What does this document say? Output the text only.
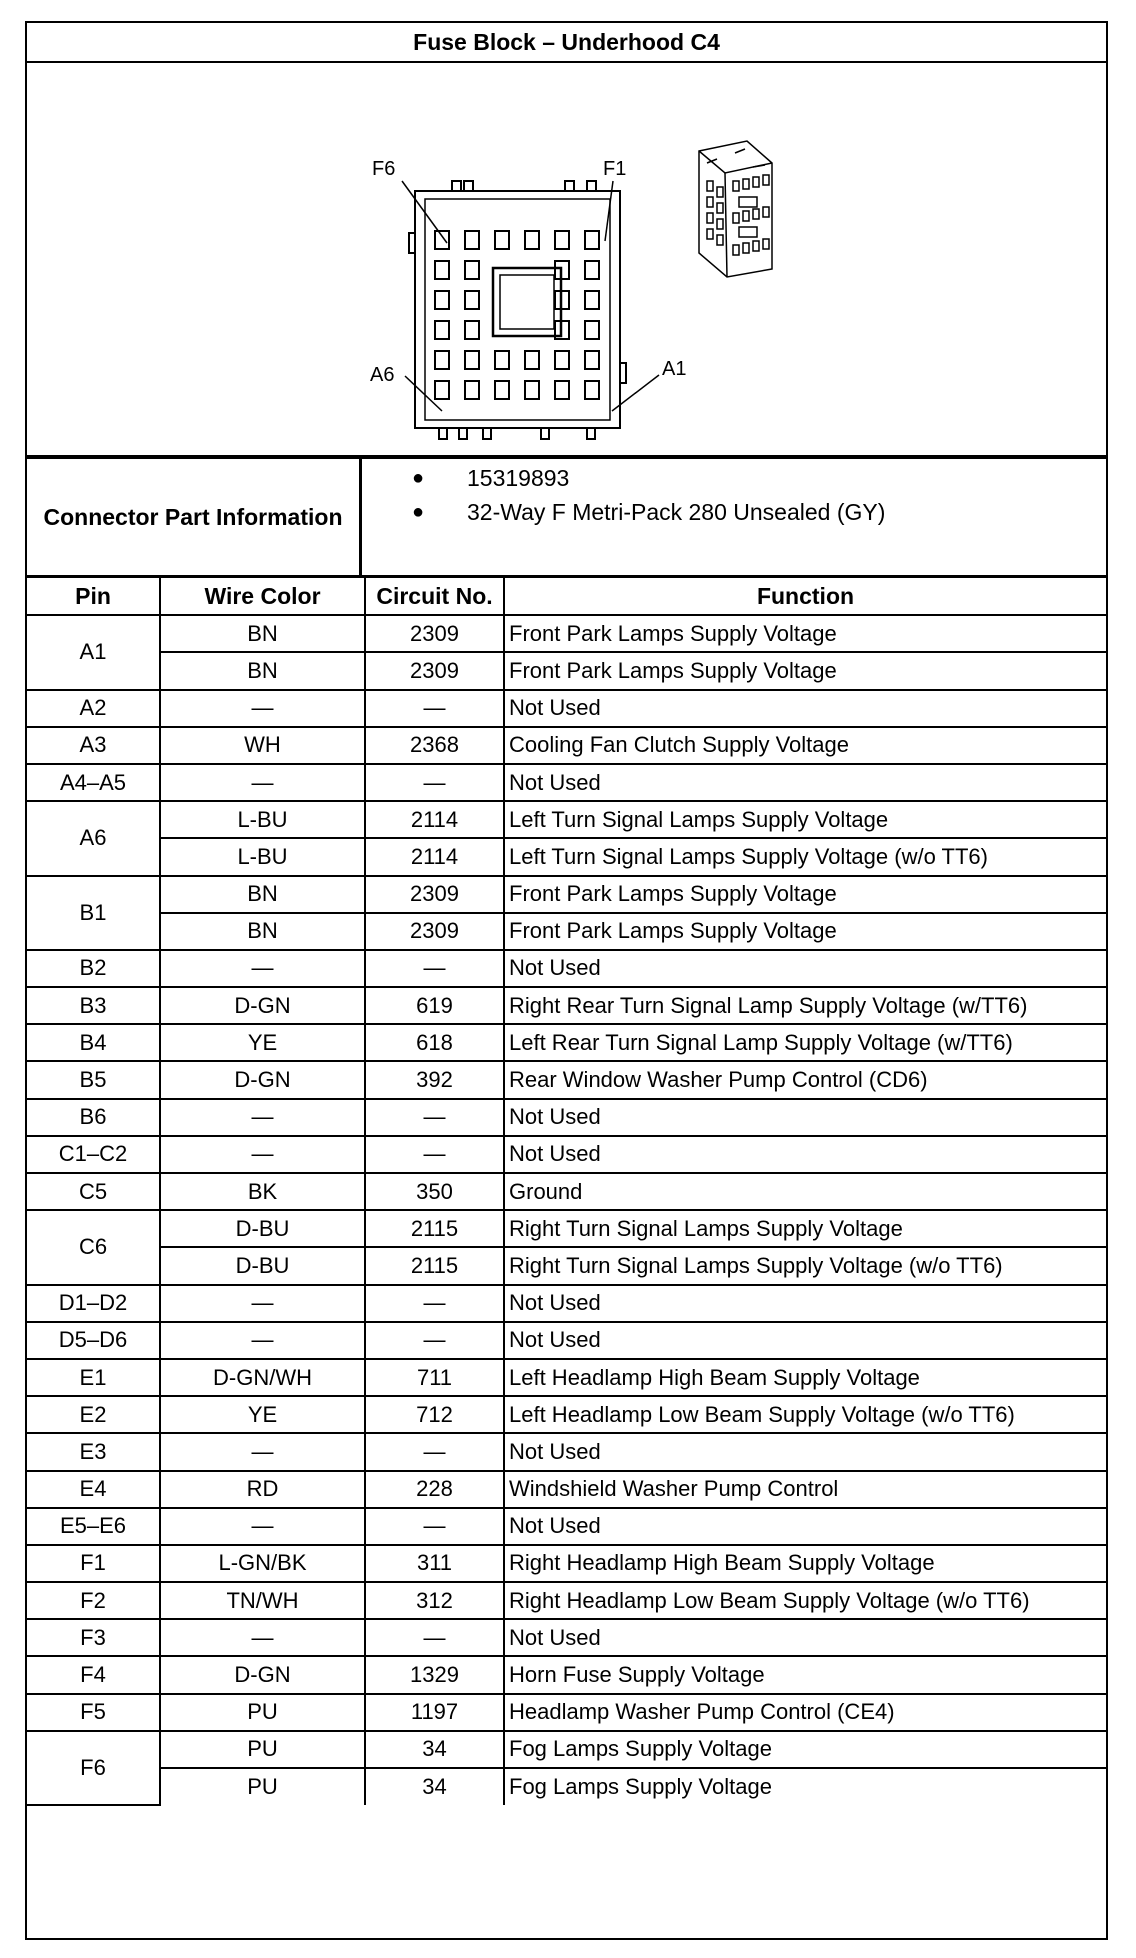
Fuse Block – Underhood C4
F6	F1
A6	A1
Connector Part Information
●	15319893
●	32-Way F Metri-Pack 280 Unsealed (GY)
Pin	Wire Color	Circuit No.	Function
A1	BN	2309	Front Park Lamps Supply Voltage
	BN	2309	Front Park Lamps Supply Voltage
A2	—	—	Not Used
A3	WH	2368	Cooling Fan Clutch Supply Voltage
A4–A5	—	—	Not Used
A6	L-BU	2114	Left Turn Signal Lamps Supply Voltage
	L-BU	2114	Left Turn Signal Lamps Supply Voltage (w/o TT6)
B1	BN	2309	Front Park Lamps Supply Voltage
	BN	2309	Front Park Lamps Supply Voltage
B2	—	—	Not Used
B3	D-GN	619	Right Rear Turn Signal Lamp Supply Voltage (w/TT6)
B4	YE	618	Left Rear Turn Signal Lamp Supply Voltage (w/TT6)
B5	D-GN	392	Rear Window Washer Pump Control (CD6)
B6	—	—	Not Used
C1–C2	—	—	Not Used
C5	BK	350	Ground
C6	D-BU	2115	Right Turn Signal Lamps Supply Voltage
	D-BU	2115	Right Turn Signal Lamps Supply Voltage (w/o TT6)
D1–D2	—	—	Not Used
D5–D6	—	—	Not Used
E1	D-GN/WH	711	Left Headlamp High Beam Supply Voltage
E2	YE	712	Left Headlamp Low Beam Supply Voltage (w/o TT6)
E3	—	—	Not Used
E4	RD	228	Windshield Washer Pump Control
E5–E6	—	—	Not Used
F1	L-GN/BK	311	Right Headlamp High Beam Supply Voltage
F2	TN/WH	312	Right Headlamp Low Beam Supply Voltage (w/o TT6)
F3	—	—	Not Used
F4	D-GN	1329	Horn Fuse Supply Voltage
F5	PU	1197	Headlamp Washer Pump Control (CE4)
F6	PU	34	Fog Lamps Supply Voltage
	PU	34	Fog Lamps Supply Voltage
